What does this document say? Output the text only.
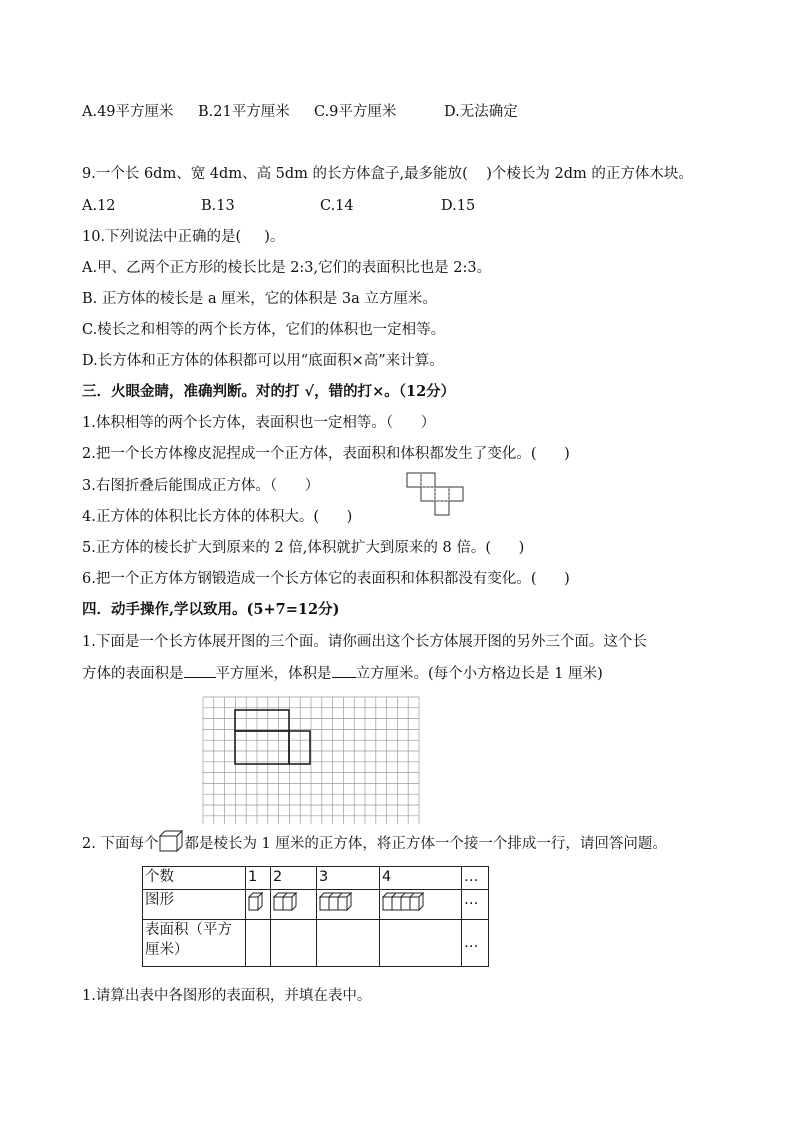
A.49平方厘米 B.21平方厘米 C.9平方厘米	D.无法确定
9.一个长 6dm、宽 4dm、高 5dm 的长方体盒子,最多能放(    )个棱长为 2dm 的正方体木块。
A.12	B.13	C.14	D.15
10.下列说法中正确的是(     )。
A.甲、乙两个正方形的棱长比是 2:3,它们的表面积比也是 2:3。
B. 正方体的棱长是 a 厘米，它的体积是 3a 立方厘米。
C.棱长之和相等的两个长方体，它们的体积也一定相等。
D.长方体和正方体的体积都可以用“底面积×高”来计算。
三．火眼金睛，准确判断。对的打 √，错的打×。（12分）
1.体积相等的两个长方体，表面积也一定相等。（      ）
2.把一个长方体橡皮泥捏成一个正方体，表面积和体积都发生了变化。(      )
3.右图折叠后能围成正方体。（      ）
4.正方体的体积比长方体的体积大。(      )
5.正方体的棱长扩大到原来的 2 倍,体积就扩大到原来的 8 倍。(      )
6.把一个正方体方钢锻造成一个长方体它的表面积和体积都没有变化。(      )
四．动手操作,学以致用。(5+7=12分)
1.下面是一个长方体展开图的三个面。请你画出这个长方体展开图的另外三个面。这个长
方体的表面积是 平方厘米，体积是 立方厘米。(每个小方格边长是 1 厘米)
2. 下面每个 都是棱长为 1 厘米的正方体，将正方体一个接一个排成一行，请回答问题。
个数	1	2	3	4	…
图形					…
表面积（平方厘米）					…
1.请算出表中各图形的表面积，并填在表中。
